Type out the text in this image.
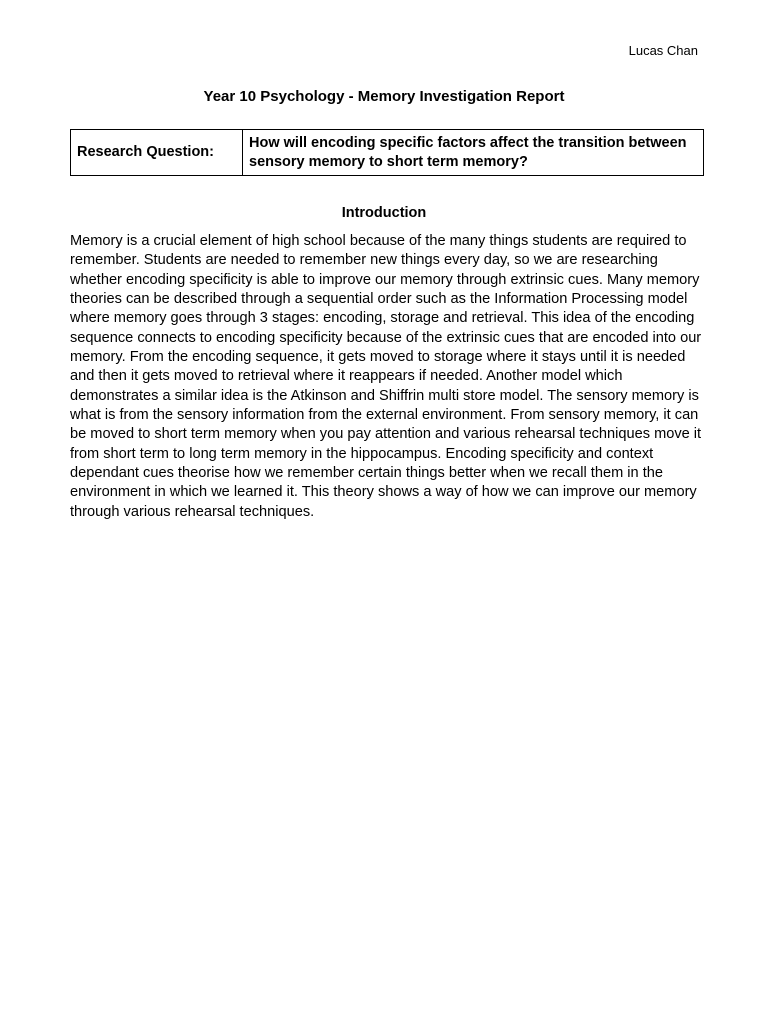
Lucas Chan
Year 10 Psychology - Memory Investigation Report
Research Question:	How will encoding specific factors affect the transition between sensory memory to short term memory?
Introduction

Memory is a crucial element of high school because of the many things students are required to remember. Students are needed to remember new things every day, so we are researching whether encoding specificity is able to improve our memory through extrinsic cues. Many memory theories can be described through a sequential order such as the Information Processing model where memory goes through 3 stages: encoding, storage and retrieval. This idea of the encoding sequence connects to encoding specificity because of the extrinsic cues that are encoded into our memory. From the encoding sequence, it gets moved to storage where it stays until it is needed and then it gets moved to retrieval where it reappears if needed. Another model which demonstrates a similar idea is the Atkinson and Shiffrin multi store model. The sensory memory is what is from the sensory information from the external environment. From sensory memory, it can be moved to short term memory when you pay attention and various rehearsal techniques move it from short term to long term memory in the hippocampus. Encoding specificity and context dependant cues theorise how we remember certain things better when we recall them in the environment in which we learned it. This theory shows a way of how we can improve our memory through various rehearsal techniques.
